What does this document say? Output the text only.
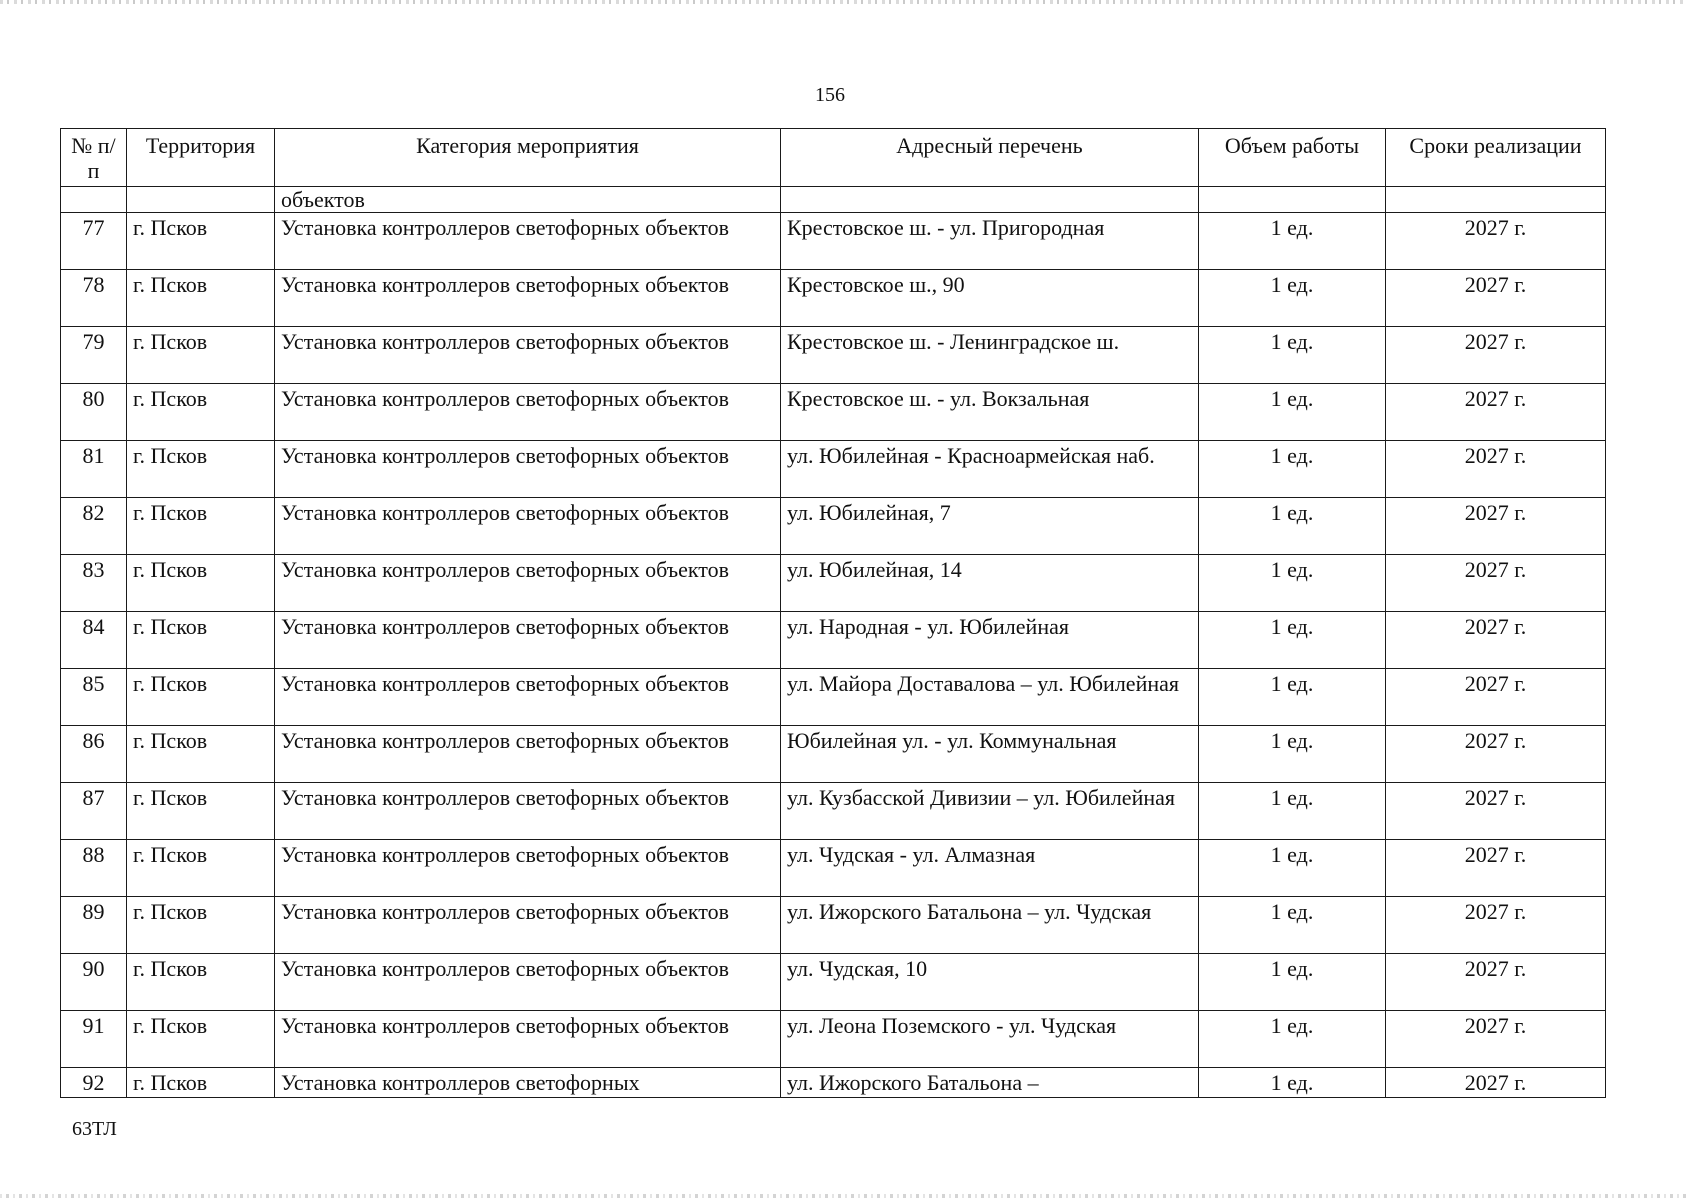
156
№ п/п	Территория	Категория мероприятия	Адресный перечень	Объем работы	Сроки реализации
		объектов			
77	г. Псков	Установка контроллеров светофорных объектов	Крестовское ш. - ул. Пригородная	1 ед.	2027 г.
78	г. Псков	Установка контроллеров светофорных объектов	Крестовское ш., 90	1 ед.	2027 г.
79	г. Псков	Установка контроллеров светофорных объектов	Крестовское ш. - Ленинградское ш.	1 ед.	2027 г.
80	г. Псков	Установка контроллеров светофорных объектов	Крестовское ш. - ул. Вокзальная	1 ед.	2027 г.
81	г. Псков	Установка контроллеров светофорных объектов	ул. Юбилейная - Красноармейская наб.	1 ед.	2027 г.
82	г. Псков	Установка контроллеров светофорных объектов	ул. Юбилейная, 7	1 ед.	2027 г.
83	г. Псков	Установка контроллеров светофорных объектов	ул. Юбилейная, 14	1 ед.	2027 г.
84	г. Псков	Установка контроллеров светофорных объектов	ул. Народная - ул. Юбилейная	1 ед.	2027 г.
85	г. Псков	Установка контроллеров светофорных объектов	ул. Майора Доставалова – ул. Юбилейная	1 ед.	2027 г.
86	г. Псков	Установка контроллеров светофорных объектов	Юбилейная ул. - ул. Коммунальная	1 ед.	2027 г.
87	г. Псков	Установка контроллеров светофорных объектов	ул. Кузбасской Дивизии – ул. Юбилейная	1 ед.	2027 г.
88	г. Псков	Установка контроллеров светофорных объектов	ул. Чудская - ул. Алмазная	1 ед.	2027 г.
89	г. Псков	Установка контроллеров светофорных объектов	ул. Ижорского Батальона – ул. Чудская	1 ед.	2027 г.
90	г. Псков	Установка контроллеров светофорных объектов	ул. Чудская, 10	1 ед.	2027 г.
91	г. Псков	Установка контроллеров светофорных объектов	ул. Леона Поземского - ул. Чудская	1 ед.	2027 г.
92	г. Псков	Установка контроллеров светофорных	ул. Ижорского Батальона –	1 ед.	2027 г.
63ТЛ
